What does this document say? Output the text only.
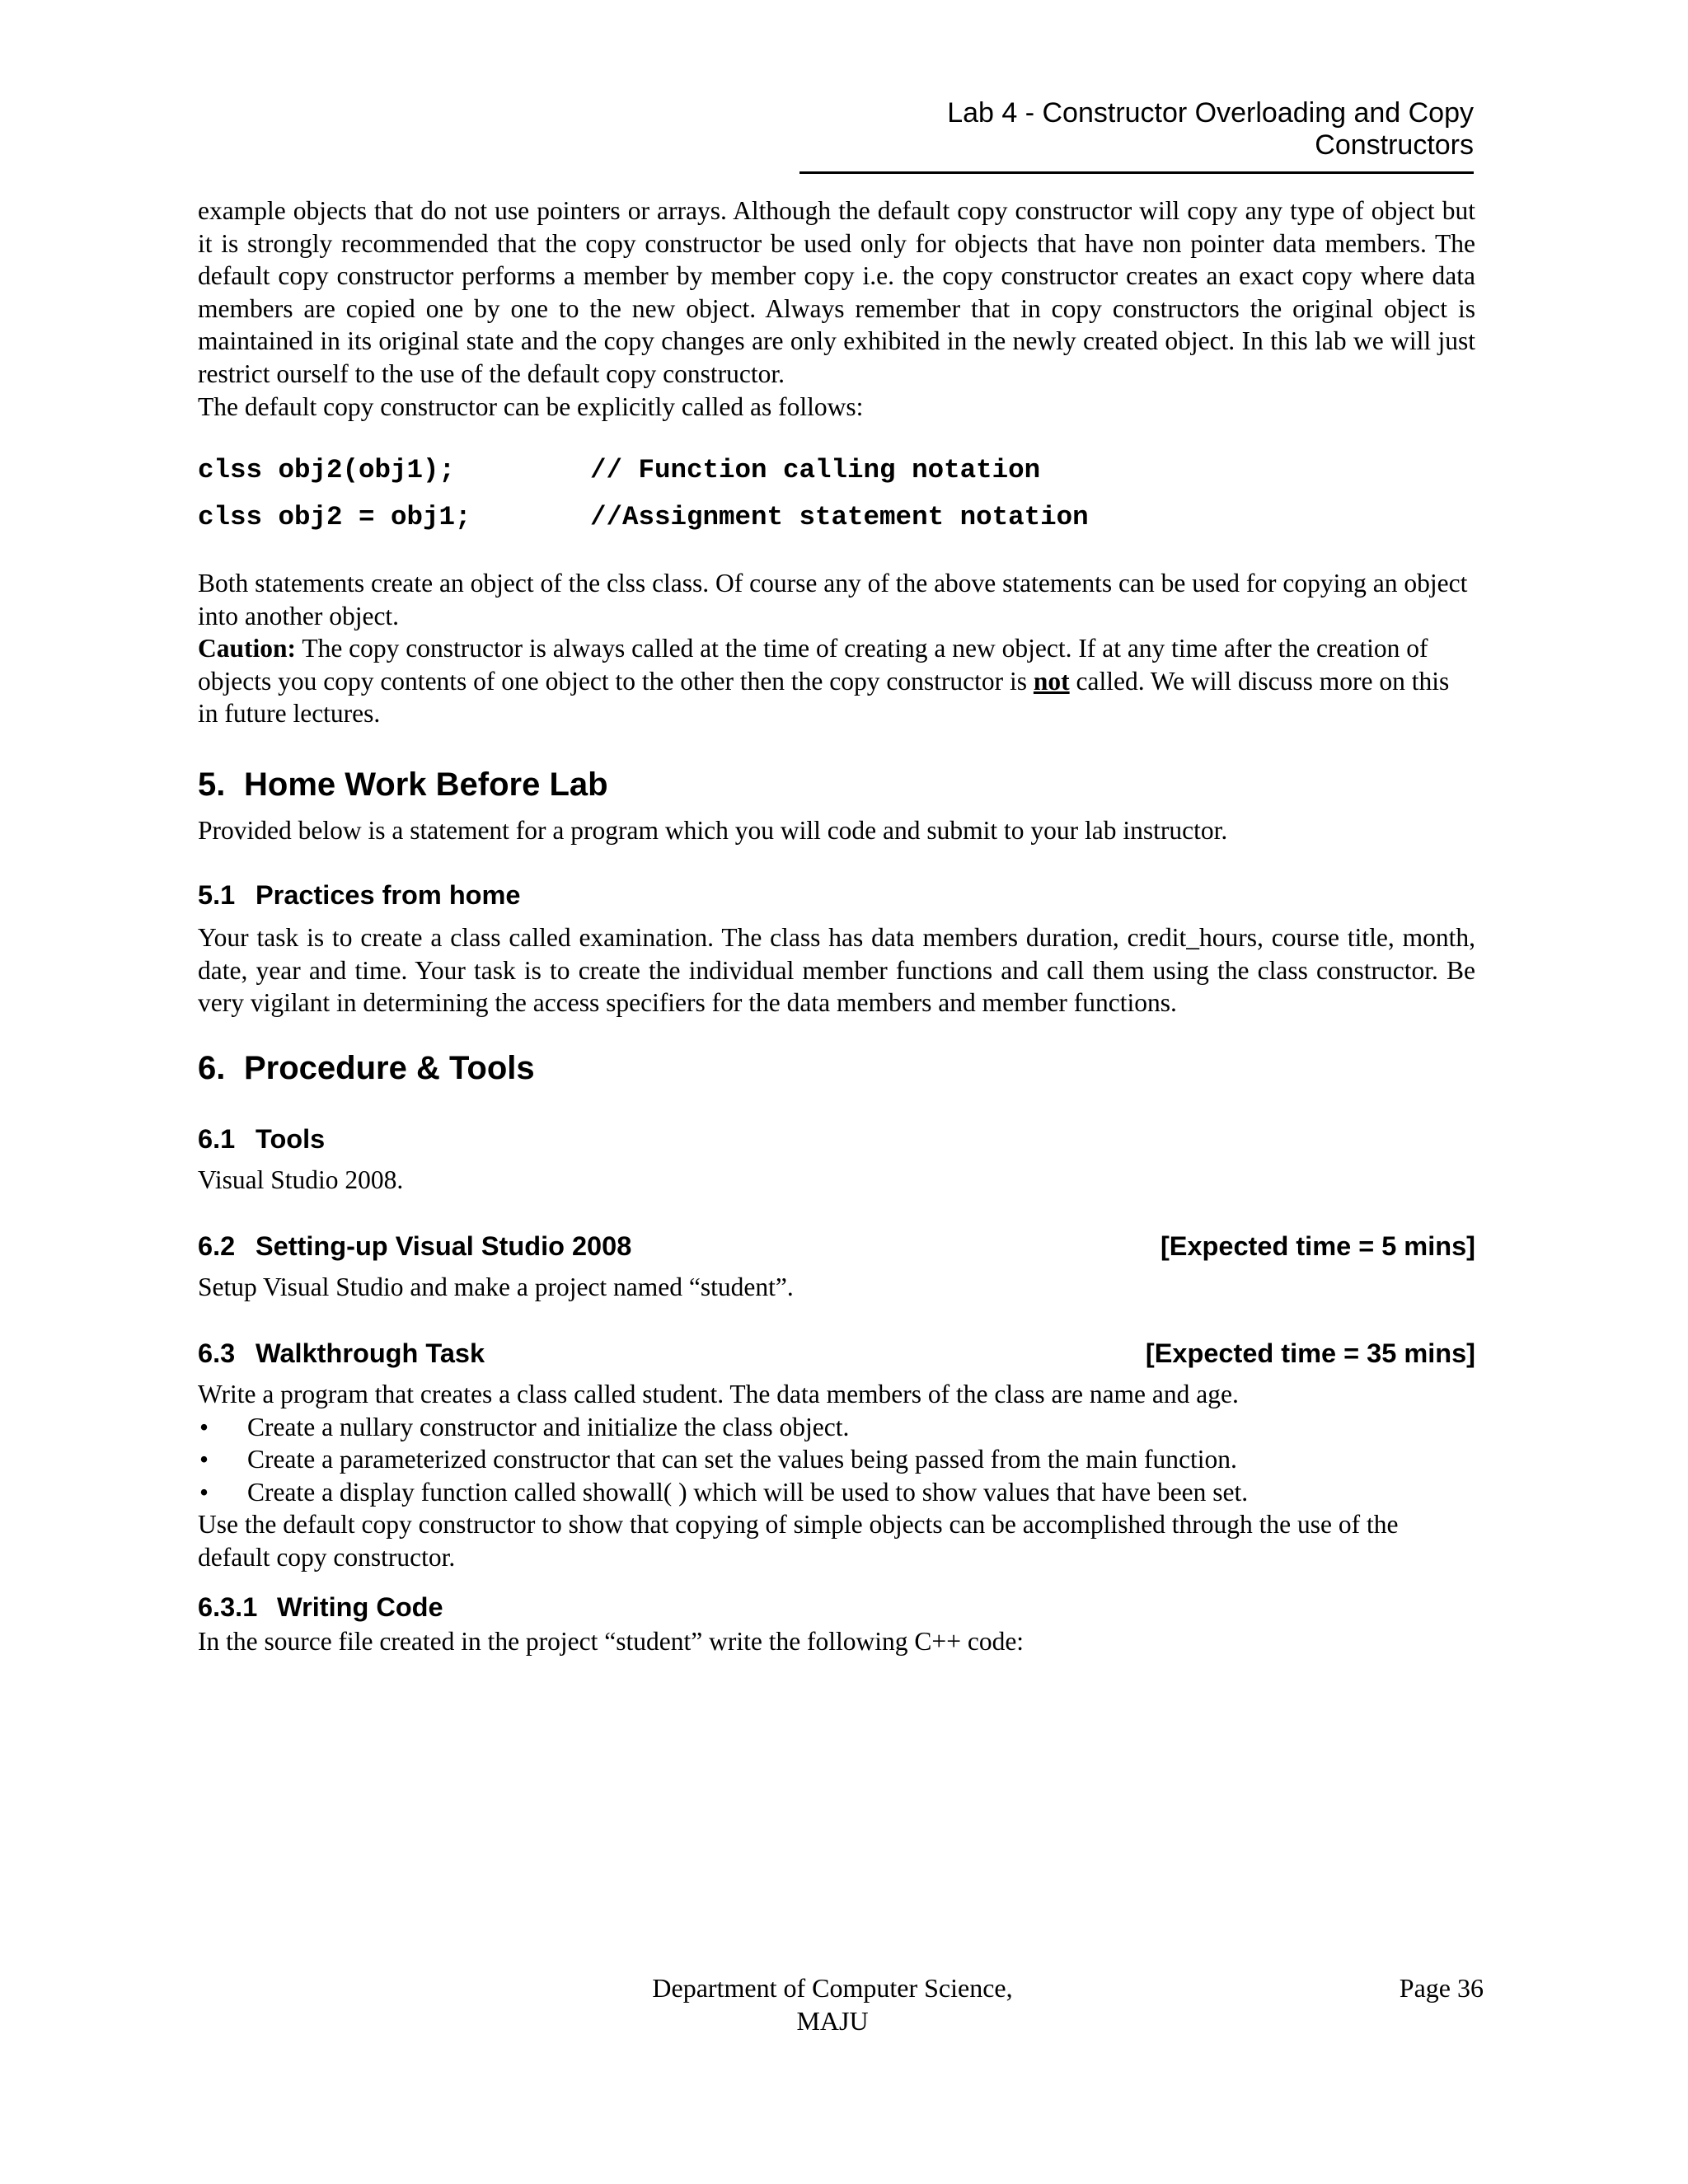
Lab 4 - Constructor Overloading and Copy Constructors

example objects that do not use pointers or arrays. Although the default copy constructor will copy any type of object but it is strongly recommended that the copy constructor be used only for objects that have non pointer data members. The default copy constructor performs a member by member copy i.e. the copy constructor creates an exact copy where data members are copied one by one to the new object. Always remember that in copy constructors the original object is maintained in its original state and the copy changes are only exhibited in the newly created object. In this lab we will just restrict ourself to the use of the default copy constructor.

The default copy constructor can be explicitly called as follows:

clss obj2(obj1);	// Function calling notation
clss obj2 = obj1;	//Assignment statement notation

Both statements create an object of the clss class. Of course any of the above statements can be used for copying an object into another object.

Caution: The copy constructor is always called at the time of creating a new object. If at any time after the creation of objects you copy contents of one object to the other then the copy constructor is not called. We will discuss more on this in future lectures.

5. Home Work Before Lab

Provided below is a statement for a program which you will code and submit to your lab instructor.

5.1 Practices from home

Your task is to create a class called examination. The class has data members duration, credit_hours, course title, month, date, year and time. Your task is to create the individual member functions and call them using the class constructor. Be very vigilant in determining the access specifiers for the data members and member functions.

6. Procedure & Tools
6.1 Tools

Visual Studio 2008.

6.2 Setting-up Visual Studio 2008	[Expected time = 5 mins]

Setup Visual Studio and make a project named “student”.

6.3 Walkthrough Task	[Expected time = 35 mins]

Write a program that creates a class called student. The data members of the class are name and age.

• Create a nullary constructor and initialize the class object.
• Create a parameterized constructor that can set the values being passed from the main function.
• Create a display function called showall( ) which will be used to show values that have been set.

Use the default copy constructor to show that copying of simple objects can be accomplished through the use of the default copy constructor.

6.3.1 Writing Code

In the source file created in the project “student” write the following C++ code:

Department of Computer Science,
MAJU
Page 36
